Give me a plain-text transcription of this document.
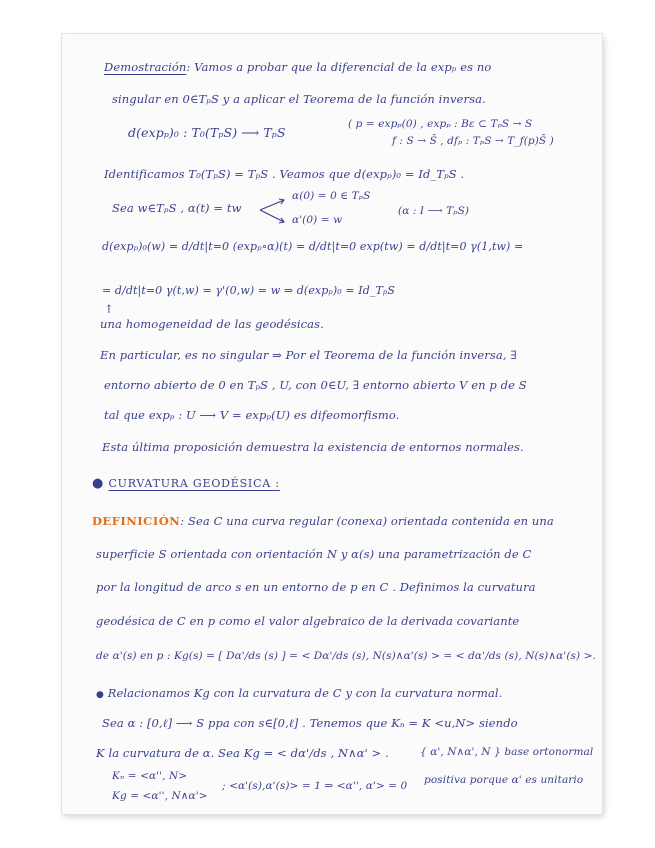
Demostración: Vamos a probar que la diferencial de la expₚ es no
singular en 0∈TₚS y a aplicar el Teorema de la función inversa.
d(expₚ)₀ : T₀(TₚS) ⟶ TₚS
( p = expₚ(0) , expₚ : Bε ⊂ TₚS → S
f : S → S̄ , dfₚ : TₚS → T_f(p)S̄ )
Identificamos T₀(TₚS) = TₚS . Veamos que d(expₚ)₀ = Id_TₚS .
Sea w∈TₚS , α(t) = tw
α(0) = 0 ∈ TₚS
α'(0) = w
(α : I ⟶ TₚS)
d(expₚ)₀(w) = d/dt|t=0 (expₚ∘α)(t) = d/dt|t=0 exp(tw) = d/dt|t=0 γ(1,tw) =
= d/dt|t=0 γ(t,w) = γ'(0,w) = w ⇒ d(expₚ)₀ = Id_TₚS
↑
una homogeneidad de las geodésicas.
En particular, es no singular ⇒ Por el Teorema de la función inversa, ∃
entorno abierto de 0 en TₚS , U, con 0∈U, ∃ entorno abierto V en p de S
tal que expₚ : U ⟶ V = expₚ(U) es difeomorfismo.
Esta última proposición demuestra la existencia de entornos normales.
● CURVATURA GEODÉSICA :
DEFINICIÓN: Sea C una curva regular (conexa) orientada contenida en una
superficie S orientada con orientación N y α(s) una parametrización de C
por la longitud de arco s en un entorno de p en C . Definimos la curvatura
geodésica de C en p como el valor algebraico de la derivada covariante
de α'(s) en p : Kg(s) = [ Dα'/ds (s) ] = < Dα'/ds (s), N(s)∧α'(s) > = < dα'/ds (s), N(s)∧α'(s) >.
● Relacionamos Kg con la curvatura de C y con la curvatura normal.
Sea α : [0,ℓ] ⟶ S ppa con s∈[0,ℓ] . Tenemos que Kₙ = K <u,N> siendo
K la curvatura de α. Sea Kg = < dα'/ds , N∧α' > .	{ α', N∧α', N } base ortonormal
Kₙ = <α'', N>
Kg = <α'', N∧α'>
; <α'(s),α'(s)> = 1 ⇒ <α'', α'> = 0 positiva porque α' es unitario
